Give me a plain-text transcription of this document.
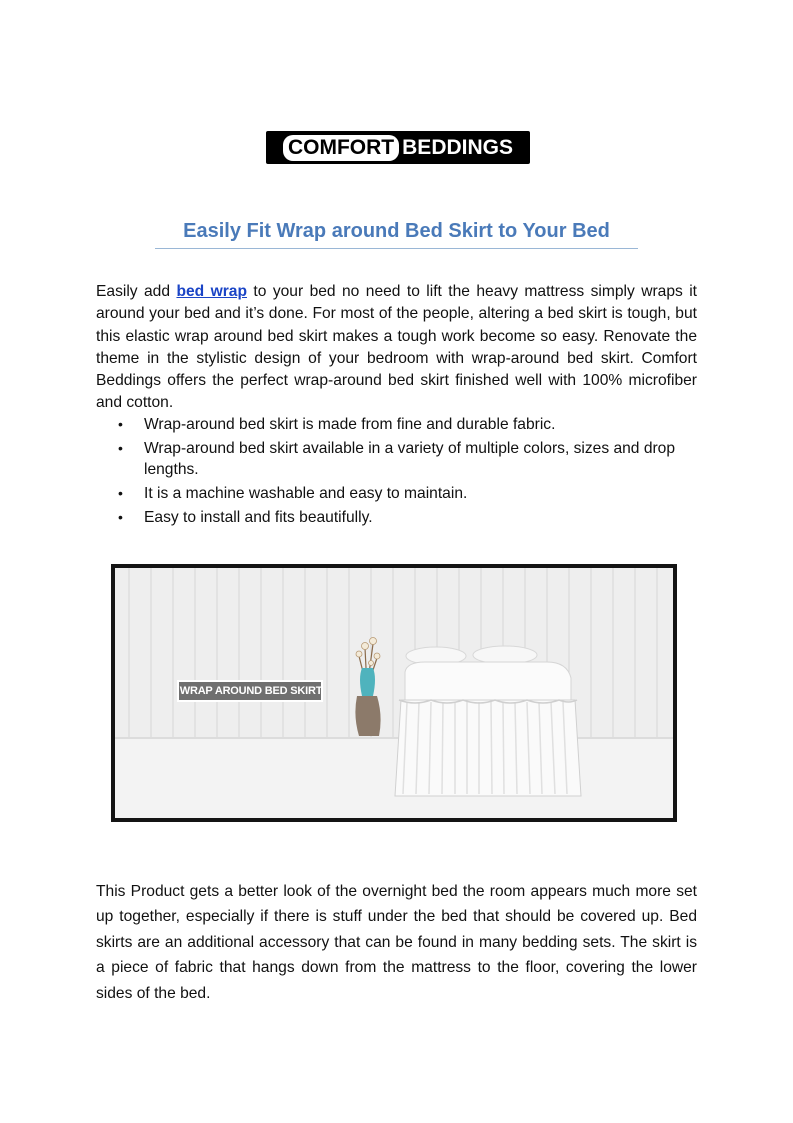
COMFORT BEDDINGS
Easily Fit Wrap around Bed Skirt to Your Bed

Easily add bed wrap to your bed no need to lift the heavy mattress simply wraps it around your bed and it’s done. For most of the people, altering a bed skirt is tough, but this elastic wrap around bed skirt makes a tough work become so easy. Renovate the theme in the stylistic design of your bedroom with wrap-around bed skirt. Comfort Beddings offers the perfect wrap-around bed skirt finished well with 100% microfiber and cotton.

• Wrap-around bed skirt is made from fine and durable fabric.
• Wrap-around bed skirt available in a variety of multiple colors, sizes and drop lengths.
• It is a machine washable and easy to maintain.
• Easy to install and fits beautifully.
WRAP AROUND BED SKIRT

This Product gets a better look of the overnight bed the room appears much more set up together, especially if there is stuff under the bed that should be covered up. Bed skirts are an additional accessory that can be found in many bedding sets. The skirt is a piece of fabric that hangs down from the mattress to the floor, covering the lower sides of the bed.
